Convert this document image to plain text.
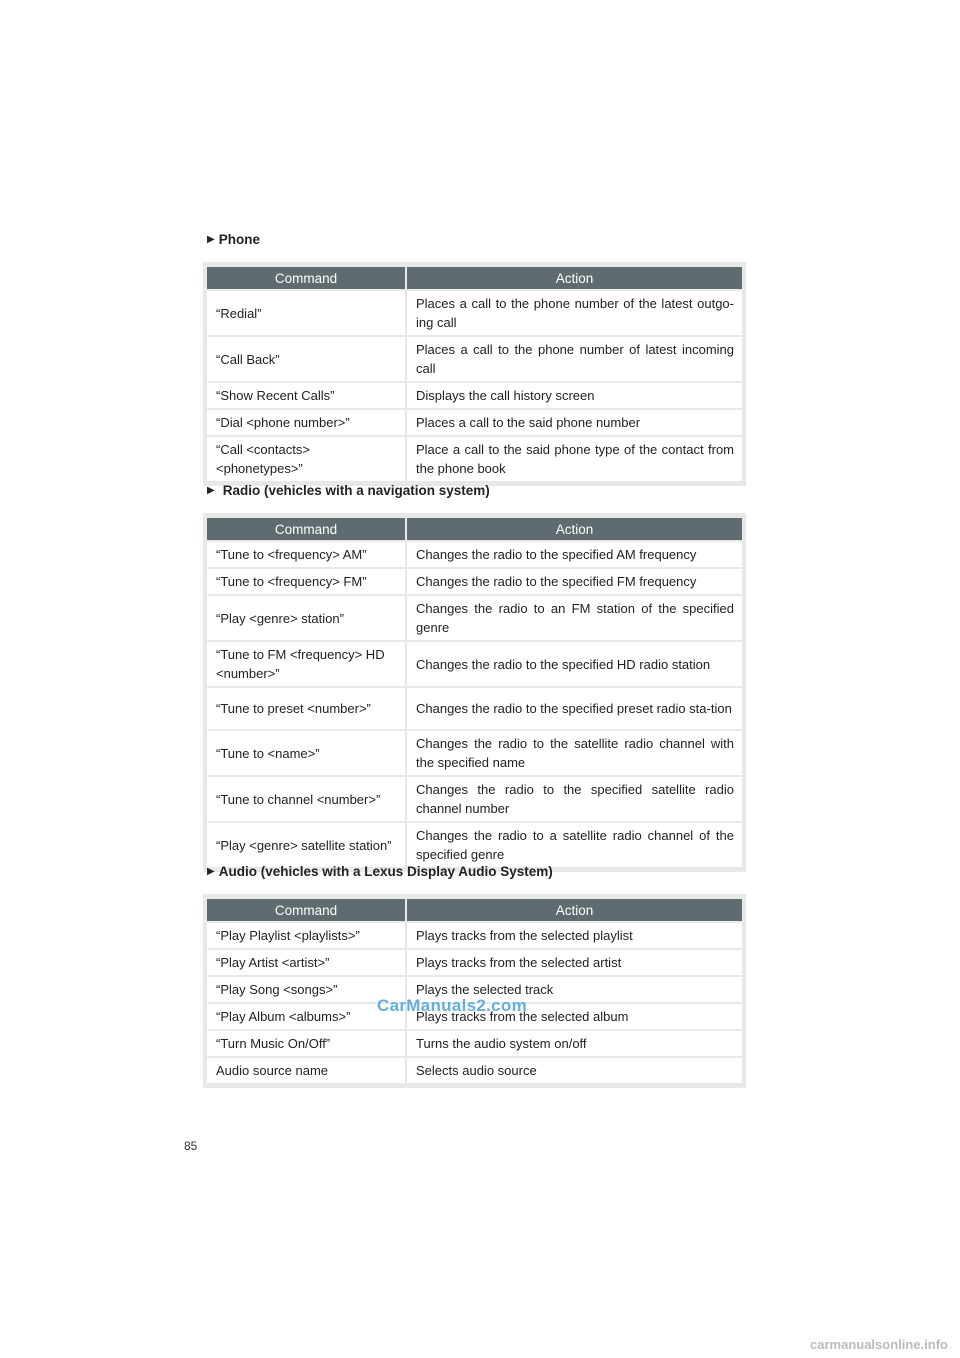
▶ Phone
Command	Action
“Redial”	Places a call to the phone number of the latest outgo-ing call
“Call Back”	Places a call to the phone number of latest incoming call
“Show Recent Calls”	Displays the call history screen
“Dial <phone number>”	Places a call to the said phone number
“Call <contacts> <phonetypes>”	Place a call to the said phone type of the contact from the phone book
▶ Radio (vehicles with a navigation system)
Command	Action
“Tune to <frequency> AM”	Changes the radio to the specified AM frequency
“Tune to <frequency> FM”	Changes the radio to the specified FM frequency
“Play <genre> station”	Changes the radio to an FM station of the specified genre
“Tune to FM <frequency> HD <number>”	Changes the radio to the specified HD radio station
“Tune to preset <number>”	Changes the radio to the specified preset radio sta-tion
“Tune to <name>”	Changes the radio to the satellite radio channel with the specified name
“Tune to channel <number>”	Changes the radio to the specified satellite radio channel number
“Play <genre> satellite station”	Changes the radio to a satellite radio channel of the specified genre
▶ Audio (vehicles with a Lexus Display Audio System)
Command	Action
“Play Playlist <playlists>”	Plays tracks from the selected playlist
“Play Artist <artist>”	Plays tracks from the selected artist
“Play Song <songs>”	Plays the selected track
“Play Album <albums>”	Plays tracks from the selected album
“Turn Music On/Off”	Turns the audio system on/off
Audio source name	Selects audio source
CarManuals2.com
85
carmanualsonline.info
